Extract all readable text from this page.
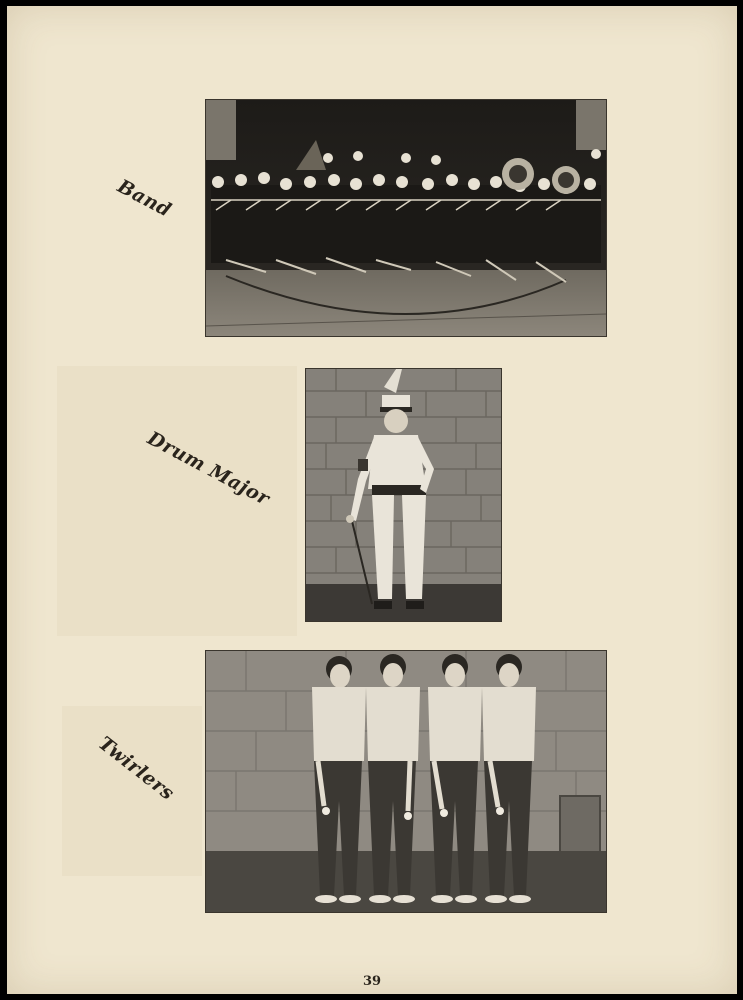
Band
Drum Major
Twirlers
39
